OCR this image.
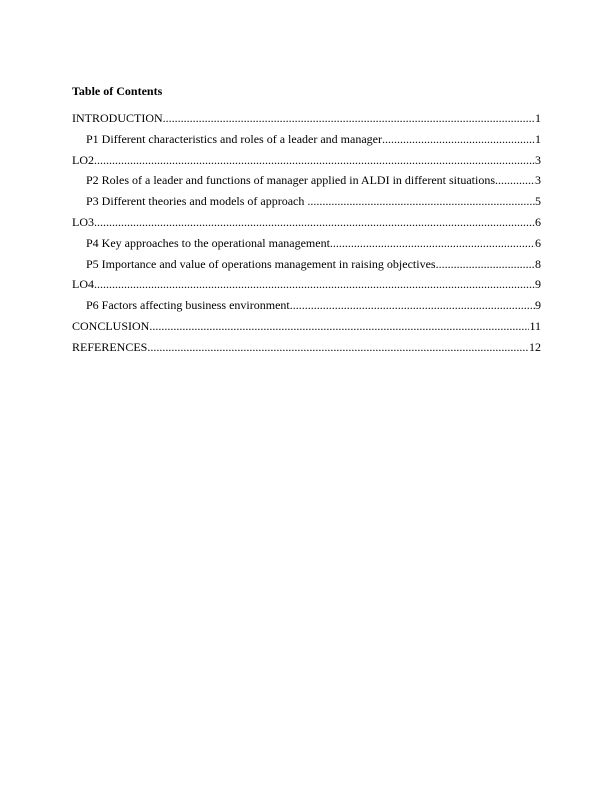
Table of Contents
INTRODUCTION .....	1
P1 Different characteristics and roles of a leader and manager .....	1
LO2 .....	3
P2 Roles of a leader and functions of manager applied in ALDI in different situations .....	3
P3 Different theories and models of approach .....	5
LO3 .....	6
P4 Key approaches to the operational management .....	6
P5 Importance and value of operations management in raising objectives .....	8
LO4 .....	9
P6 Factors affecting business environment .....	9
CONCLUSION .....	11
REFERENCES .....	12
